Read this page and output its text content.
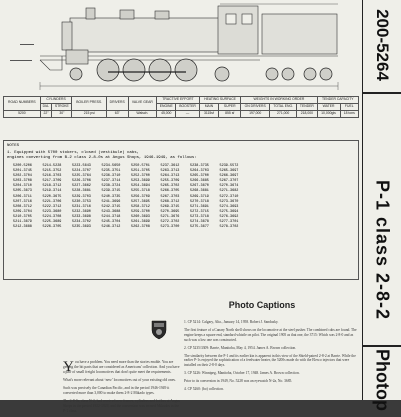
ROAD NUMBERS	CYLINDERS		BOILER PRESS.	DRIVERS	VALVE GEAR	TRACTIVE EFFORT		HEATING SURFACE		WEIGHTS IN WORKING ORDER			TENDER CAPACITY	
	DIA.	STROKE				ENGINE	BOOSTER	MAIN	SUPER	ON DRIVERS	TOTAL ENG.	TENDER	WATER	FUEL
5200	22"	30"	215 psi	63"	Walsch.	45,000	—	3115sf	855 sf	197,000	271,000	218,000	10,000gls	18 tons
NOTES
1. Equipped with 5700 stokers, closed (vestibule) cabs,
engines converting from B-2 class 2-8-0s at Angus Shops, 1946-1949, as follows:
5200-5206	5214-5228	5223-5643	5234-5650	5250-5701	5237-3612	5238-3735	5239-5572
5201-3745	5215-3752	5224-3707	5235-3751	5251-3705	5263-3713	5264-3703	5265-3697
5202-3704	5216-3703	5225-3764	5236-3710	5252-3700	5264-3713	5265-3700	5266-3697
5203-3708	5217-3709	5226-3706	5237-3714	5253-3699	5255-3709	5266-3685	5267-3707
5204-3710	5218-3712	5227-3662	5238-3724	5254-3694	5265-3702	5267-3670	5270-3674
5205-3673	5219-3714	5228-3681	5239-3715	5255-3718	5266-3705	5268-3681	5271-3682
5206-3711	5220-3675	5229-3703	5240-3735	5256-3709	5267-3703	5269-3719	5272-3710
5207-3716	5221-3706	5230-3753	5241-3696	5257-3695	5268-3712	5270-3718	5273-3670
5208-3712	5222-3712	5231-3716	5242-3715	5258-3712	5269-3715	5271-3691	5274-3693
5209-3704	5223-3680	5232-3690	5243-3688	5259-3700	5270-3695	5272-3715	5275-3694
5210-3705	5224-3708	5233-3698	5244-3718	5260-3693	5271-3676	5273-3718	5276-3692
5211-3679	5225-3689	5234-3702	5245-3704	5261-3699	5272-3702	5274-3678	5277-3701
5212-3688	5226-3705	5235-3693	5246-3712	5262-3708	5273-3700	5275-3677	5278-3702
Photo Captions
Y ou have a problem. You need more than the stories enable. You are getting the bit parts that are considered as Americans' collection. And you have a pair of small freight locomotives that don't quite meet the requirements.

What's more relevant about ‘new’ locomotives out of your existing old ones.

Such was precisely the Canadian Pacific, and in the period 1946-1949 it converted more than 3,000 to make them 2-8-2 Mikado types.

The 2-8-0s, class N-2, had received new frames, cylinders and boilers at Angus Shops in the period 1922-1929, and the conversion was termed Mikados in the P-1 class.

1. CP 5214: Calgary, Alta., January 14, 1958. Robert J. Sandusky.

The first feature of a Canary North shell shows on the locomotive at the steel pusher. The combined cabs are found. The engine keeps a square end, standard whistle on pilot. The original 1905 as that one, the 3715: Which was 2-8-0 and as such was a low one was constructed.

2. CP 5235/3309: Barrie, Manitoba, May 4, 1954. James A. Brown collection.

The similarity between the P-1 and its earlier kin is apparent in this view of the Shield-paired 2-8-2 at Barrie. While the earlier P-1s enjoyed the sophistication of a feedwater heater, the 5200s made do with the Elesco injectors that were installed on their 2-8-0 days.

3. CP 5226: Winnipeg, Manitoba, October 17, 1948. James A. Brown collection.

Prior to its conversion in 1949, No. 5228 was an eyewatch N-2a, No. 3685.

4. CP 5260: (bo) collection.

200-5264
P-1 class 2-8-2
Photop
